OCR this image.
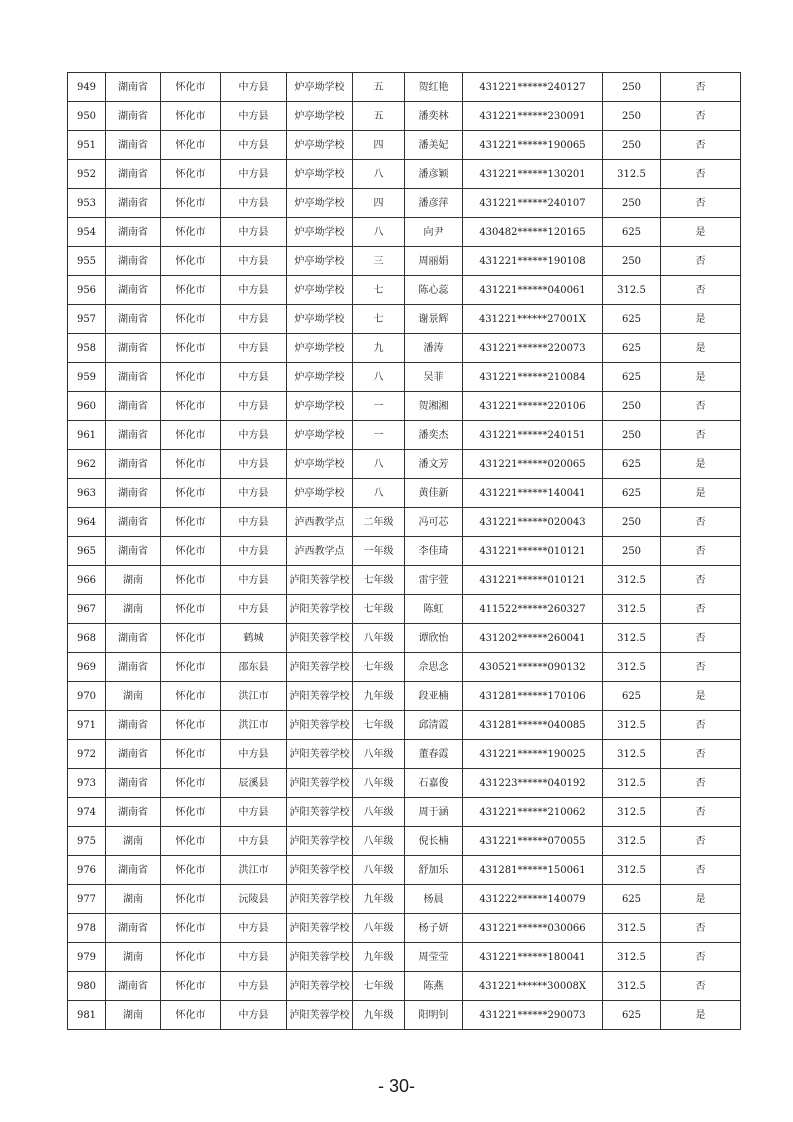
949	湖南省	怀化市	中方县	炉亭坳学校	五	贺红艳	431221******240127	250	否
950	湖南省	怀化市	中方县	炉亭坳学校	五	潘奕林	431221******230091	250	否
951	湖南省	怀化市	中方县	炉亭坳学校	四	潘美妃	431221******190065	250	否
952	湖南省	怀化市	中方县	炉亭坳学校	八	潘彦颖	431221******130201	312.5	否
953	湖南省	怀化市	中方县	炉亭坳学校	四	潘彦萍	431221******240107	250	否
954	湖南省	怀化市	中方县	炉亭坳学校	八	向尹	430482******120165	625	是
955	湖南省	怀化市	中方县	炉亭坳学校	三	周丽娟	431221******190108	250	否
956	湖南省	怀化市	中方县	炉亭坳学校	七	陈心蕊	431221******040061	312.5	否
957	湖南省	怀化市	中方县	炉亭坳学校	七	谢景辉	431221******27001X	625	是
958	湖南省	怀化市	中方县	炉亭坳学校	九	潘涛	431221******220073	625	是
959	湖南省	怀化市	中方县	炉亭坳学校	八	吴菲	431221******210084	625	是
960	湖南省	怀化市	中方县	炉亭坳学校	一	贺湘湘	431221******220106	250	否
961	湖南省	怀化市	中方县	炉亭坳学校	一	潘奕杰	431221******240151	250	否
962	湖南省	怀化市	中方县	炉亭坳学校	八	潘文芳	431221******020065	625	是
963	湖南省	怀化市	中方县	炉亭坳学校	八	黄佳新	431221******140041	625	是
964	湖南省	怀化市	中方县	泸西教学点	二年级	冯可芯	431221******020043	250	否
965	湖南省	怀化市	中方县	泸西教学点	一年级	李佳琦	431221******010121	250	否
966	湖南	怀化市	中方县	泸阳芙蓉学校	七年级	雷宇萱	431221******010121	312.5	否
967	湖南	怀化市	中方县	泸阳芙蓉学校	七年级	陈虹	411522******260327	312.5	否
968	湖南省	怀化市	鹤城	泸阳芙蓉学校	八年级	谭欣怡	431202******260041	312.5	否
969	湖南省	怀化市	邵东县	泸阳芙蓉学校	七年级	佘思念	430521******090132	312.5	否
970	湖南	怀化市	洪江市	泸阳芙蓉学校	九年级	段亚楠	431281******170106	625	是
971	湖南省	怀化市	洪江市	泸阳芙蓉学校	七年级	邱清霞	431281******040085	312.5	否
972	湖南省	怀化市	中方县	泸阳芙蓉学校	八年级	董春霞	431221******190025	312.5	否
973	湖南省	怀化市	辰溪县	泸阳芙蓉学校	八年级	石嘉俊	431223******040192	312.5	否
974	湖南省	怀化市	中方县	泸阳芙蓉学校	八年级	周于涵	431221******210062	312.5	否
975	湖南	怀化市	中方县	泸阳芙蓉学校	八年级	倪长楠	431221******070055	312.5	否
976	湖南省	怀化市	洪江市	泸阳芙蓉学校	八年级	舒加乐	431281******150061	312.5	否
977	湖南	怀化市	沅陵县	泸阳芙蓉学校	九年级	杨晨	431222******140079	625	是
978	湖南省	怀化市	中方县	泸阳芙蓉学校	八年级	杨子妍	431221******030066	312.5	否
979	湖南	怀化市	中方县	泸阳芙蓉学校	九年级	周莹莹	431221******180041	312.5	否
980	湖南省	怀化市	中方县	泸阳芙蓉学校	七年级	陈燕	431221******30008X	312.5	否
981	湖南	怀化市	中方县	泸阳芙蓉学校	九年级	阳明钊	431221******290073	625	是
- 30-
